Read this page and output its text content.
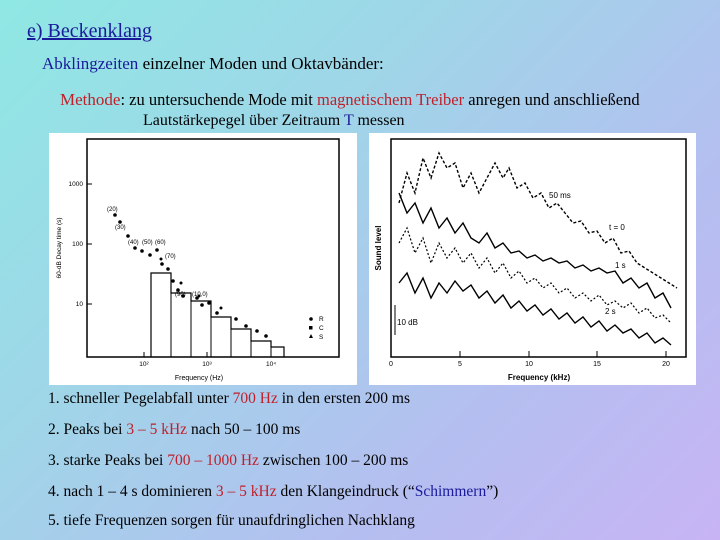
e) Beckenklang
Abklingzeiten einzelner Moden und Oktavbänder:
Methode: zu untersuchende Mode mit magnetischem Treiber anregen und anschließend
Lautstärkepegel über Zeitraum T messen
1000
100
10
60-dB Decay time (s)
10²	10³	10⁴
Frequency (Hz)
(20)
(30)
(40) (50) (60)
(70)
(90) (10,0)
R
C
S
Sound level
0	5	10	15	20
Frequency (kHz)
10 dB
50 ms
t = 0
1 s
2 s
1. schneller Pegelabfall unter 700 Hz in den ersten 200 ms
2. Peaks bei 3 – 5 kHz nach 50 – 100 ms
3. starke Peaks bei 700 – 1000 Hz zwischen 100 – 200 ms
4. nach 1 – 4 s dominieren 3 – 5 kHz den Klangeindruck (“Schimmern”)
5. tiefe Frequenzen sorgen für unaufdringlichen Nachklang
